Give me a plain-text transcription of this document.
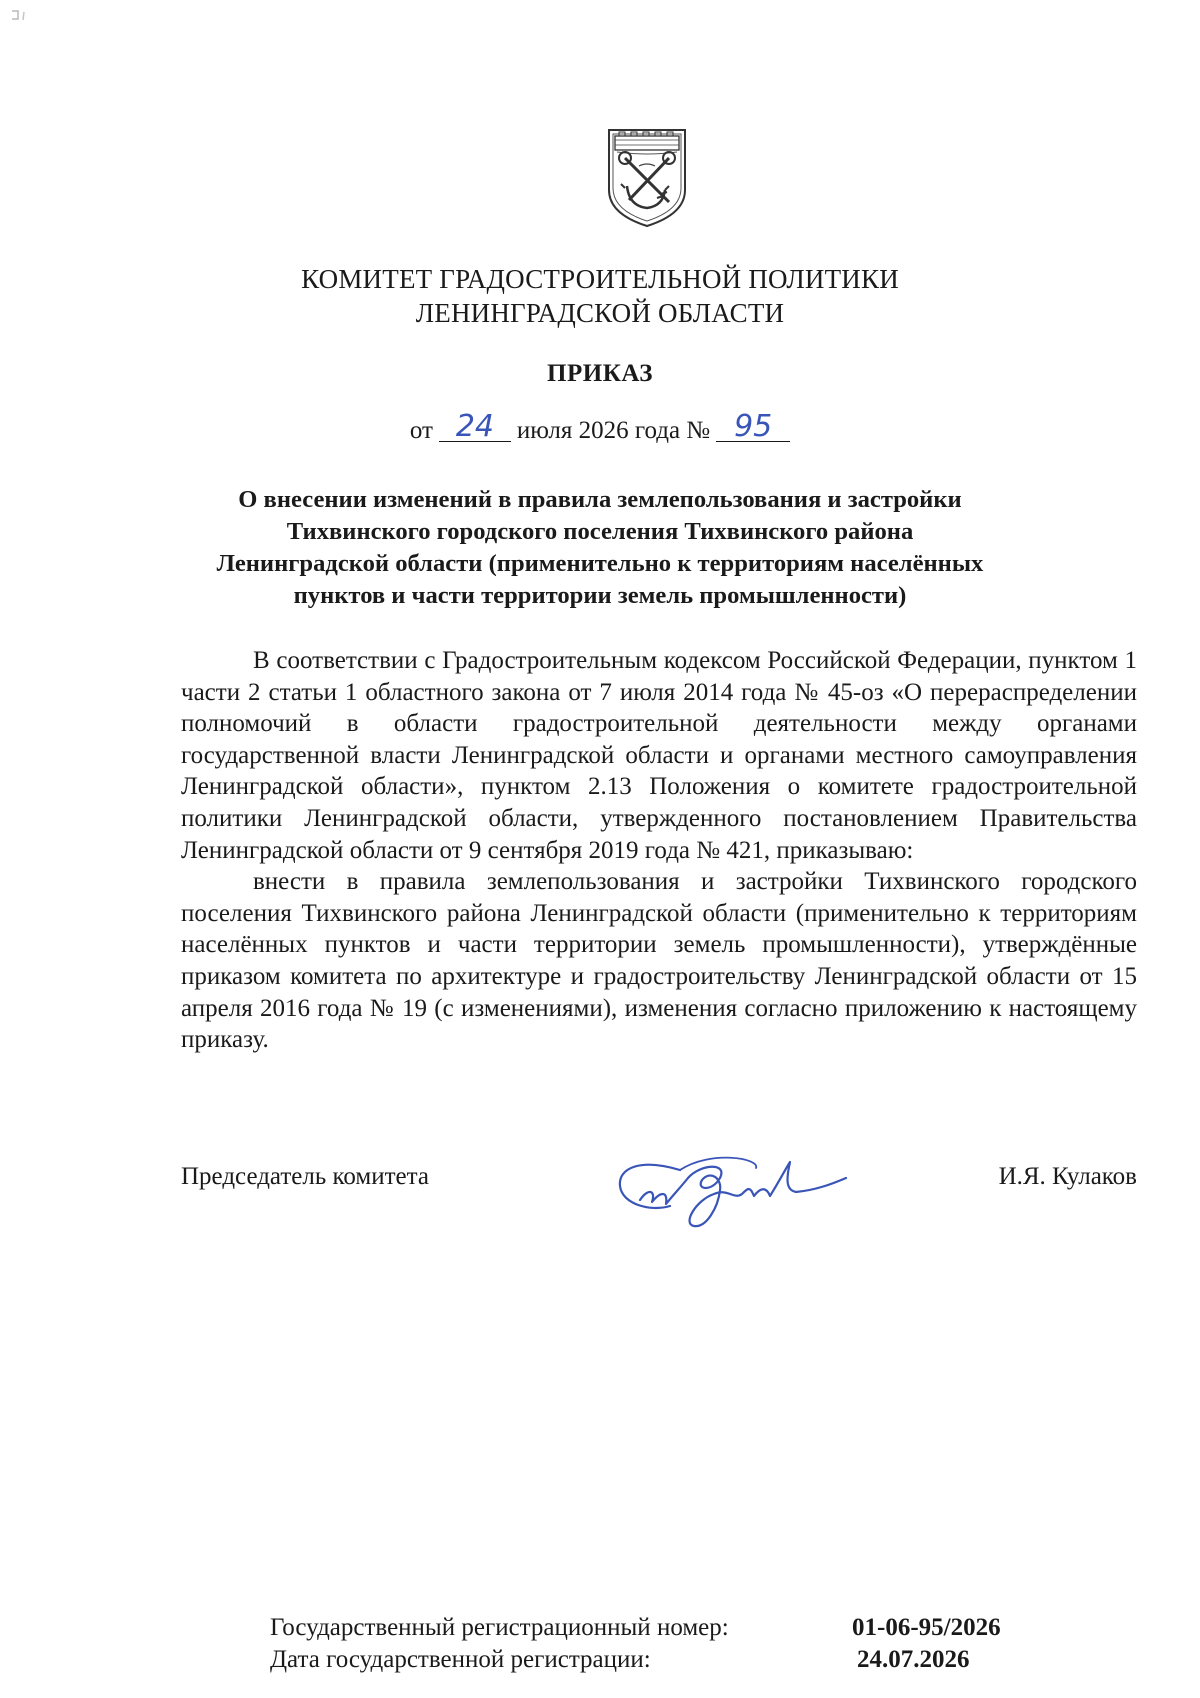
КОМИТЕТ ГРАДОСТРОИТЕЛЬНОЙ ПОЛИТИКИ
ЛЕНИНГРАДСКОЙ ОБЛАСТИ
ПРИКАЗ
от 24 июля 2026 года № 95
О внесении изменений в правила землепользования и застройки Тихвинского городского поселения Тихвинского района Ленинградской области (применительно к территориям населённых пунктов и части территории земель промышленности)

В соответствии с Градостроительным кодексом Российской Федерации, пунктом 1 части 2 статьи 1 областного закона от 7 июля 2014 года № 45-оз «О перераспределении полномочий в области градостроительной деятельности между органами государственной власти Ленинградской области и органами местного самоуправления Ленинградской области», пунктом 2.13 Положения о комитете градостроительной политики Ленинградской области, утвержденного постановлением Правительства Ленинградской области от 9 сентября 2019 года № 421, приказываю:

внести в правила землепользования и застройки Тихвинского городского поселения Тихвинского района Ленинградской области (применительно к территориям населённых пунктов и части территории земель промышленности), утверждённые приказом комитета по архитектуре и градостроительству Ленинградской области от 15 апреля 2016 года № 19 (с изменениями), изменения согласно приложению к настоящему приказу.

Председатель комитета	И.Я. Кулаков
Государственный регистрационный номер:	01-06-95/2026
Дата государственной регистрации:	24.07.2026
